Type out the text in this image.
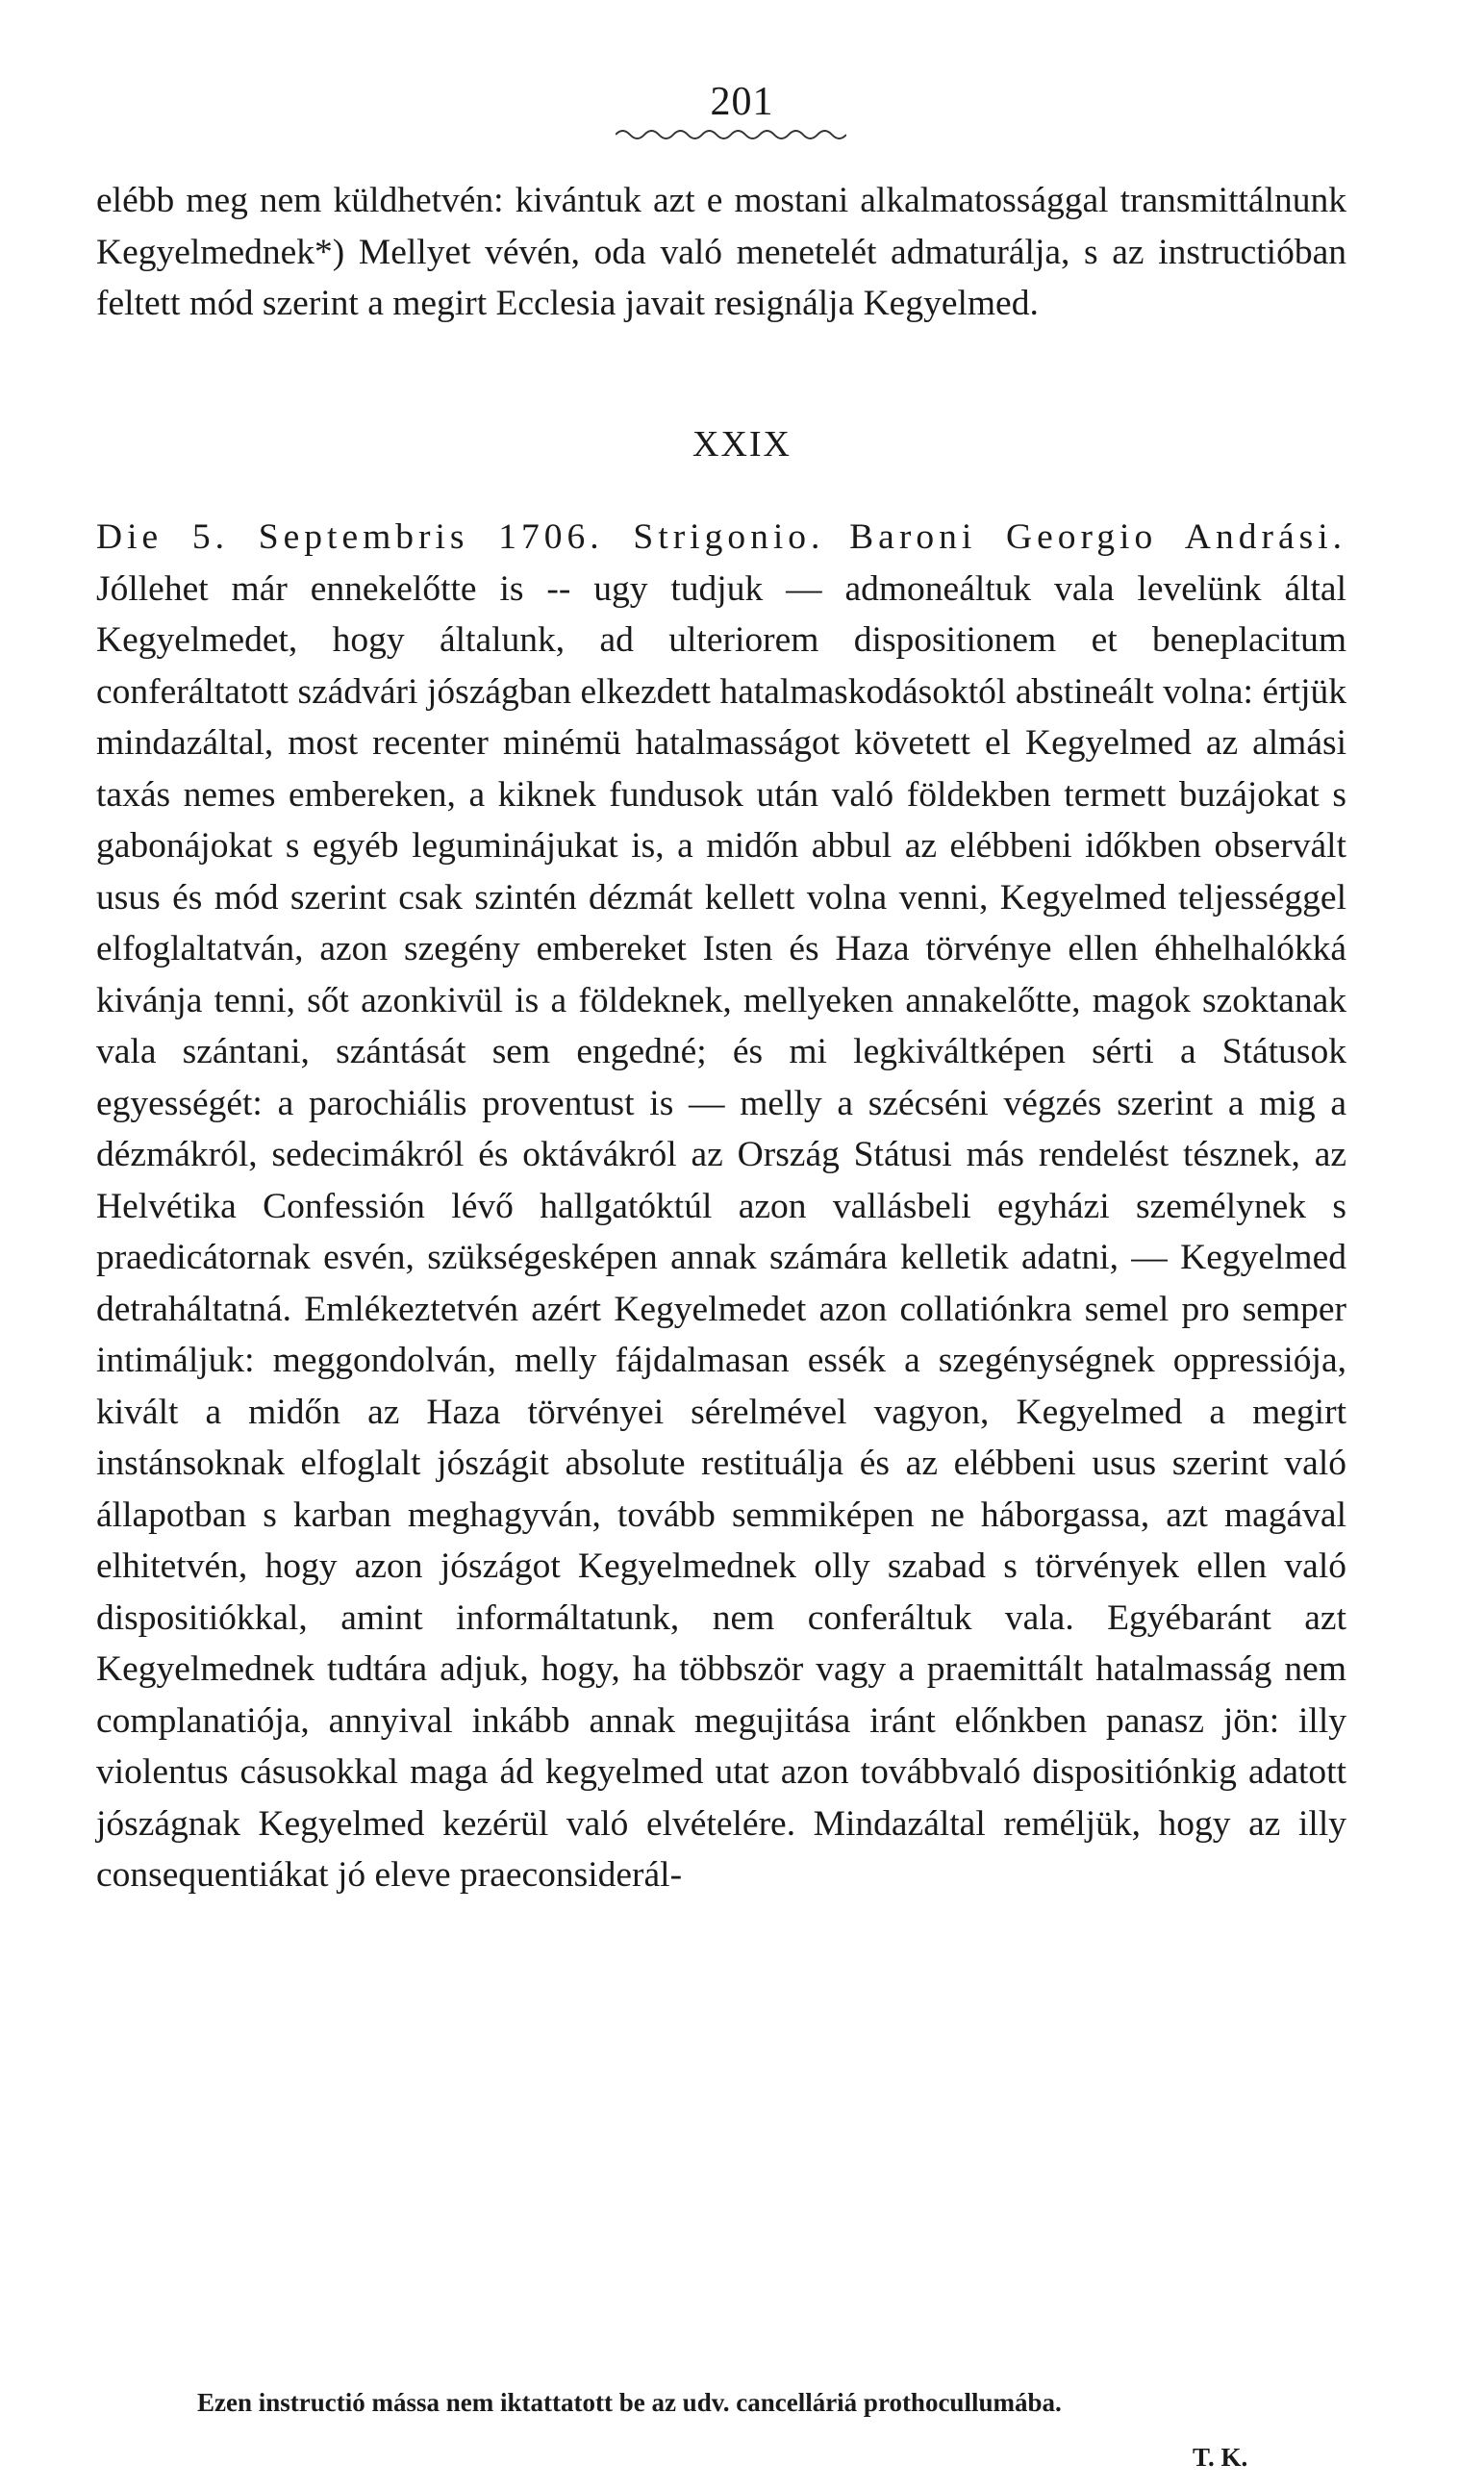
201

elébb meg nem küldhetvén: kivántuk azt e mostani alkalmatossággal transmittálnunk Kegyelmednek*) Mellyet vévén, oda való menetelét admaturálja, s az instructióban feltett mód szerint a megirt Ecclesia javait resignálja Kegyelmed.

XXIX

Die 5. Septembris 1706. Strigonio. Baroni Georgio Andrási. Jóllehet már ennekelőtte is -- ugy tudjuk — admoneáltuk vala levelünk által Kegyelmedet, hogy általunk, ad ulteriorem dispositionem et beneplacitum conferáltatott szádvári jószágban elkezdett hatalmaskodásoktól abstineált volna: értjük mindazáltal, most recenter minémü hatalmasságot követett el Kegyelmed az almási taxás nemes embereken, a kiknek fundusok után való földekben termett buzájokat s gabonájokat s egyéb leguminájukat is, a midőn abbul az elébbeni időkben observált usus és mód szerint csak szintén dézmát kellett volna venni, Kegyelmed teljességgel elfoglaltatván, azon szegény embereket Isten és Haza törvénye ellen éhhelhalókká kivánja tenni, sőt azonkivül is a földeknek, mellyeken annakelőtte, magok szoktanak vala szántani, szántását sem engedné; és mi legkiváltképen sérti a Státusok egyességét: a parochiális proventust is — melly a szécséni végzés szerint a mig a dézmákról, sedecimákról és oktávákról az Ország Státusi más rendelést tésznek, az Helvétika Confessión lévő hallgatóktúl azon vallásbeli egyházi személynek s praedicátornak esvén, szükségesképen annak számára kelletik adatni, — Kegyelmed detraháltatná. Emlékeztetvén azért Kegyelmedet azon collatiónkra semel pro semper intimáljuk: meggondolván, melly fájdalmasan essék a szegénységnek oppressiója, kivált a midőn az Haza törvényei sérelmével vagyon, Kegyelmed a megirt instánsoknak elfoglalt jószágit absolute restituálja és az elébbeni usus szerint való állapotban s karban meghagyván, tovább semmiképen ne háborgassa, azt magával elhitetvén, hogy azon jószágot Kegyelmednek olly szabad s törvények ellen való dispositiókkal, amint informáltatunk, nem conferáltuk vala. Egyébaránt azt Kegyelmednek tudtára adjuk, hogy, ha többször vagy a praemittált hatalmasság nem complanatiója, annyival inkább annak megujitása iránt előnkben panasz jön: illy violentus cásusokkal maga ád kegyelmed utat azon továbbvaló dispositiónkig adatott jószágnak Kegyelmed kezérül való elvételére. Mindazáltal reméljük, hogy az illy consequentiákat jó eleve praeconsiderál-

Ezen instructió mássa nem iktattatott be az udv. cancelláriá prothocullumába.
T. K.
